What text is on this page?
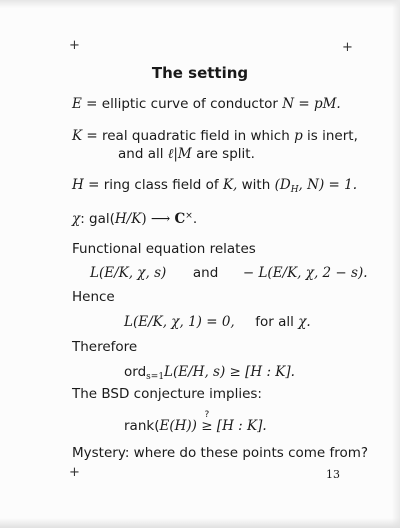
+	+
The setting
E = elliptic curve of conductor N = pM.
K = real quadratic field in which p is inert,
and all ℓ|M are split.
H = ring class field of K, with ($D_H$, N) = 1.
χ: gal(H/K) ⟶ C×.
Functional equation relates
L(E/K, χ, s) and − L(E/K, χ, 2 − s).
Hence
L(E/K, χ, 1) = 0, for all χ.
Therefore
ord$_{s=1}$L(E/H, s) ≥ [H : K].
The BSD conjecture implies:
rank(E(H))
?
≥ [H : K].
Mystery: where do these points come from?
+	13
